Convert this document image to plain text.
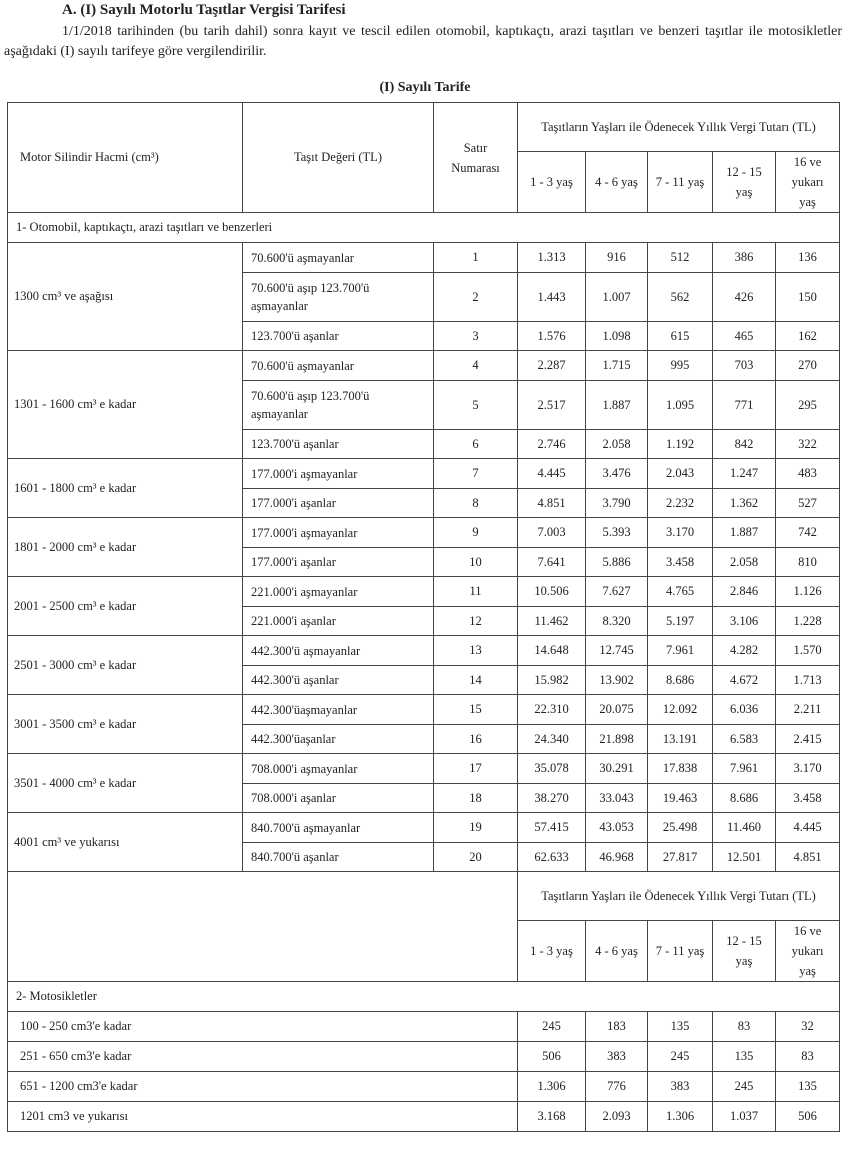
A. (I) Sayılı Motorlu Taşıtlar Vergisi Tarifesi

1/1/2018 tarihinden (bu tarih dahil) sonra kayıt ve tescil edilen otomobil, kaptıkaçtı, arazi taşıtları ve benzeri taşıtlar ile motosikletler aşağıdaki (I) sayılı tarifeye göre vergilendirilir.

(I) Sayılı Tarife
Motor Silindir Hacmi (cm³)	Taşıt Değeri (TL)	Satır Numarası	Taşıtların Yaşları ile Ödenecek Yıllık Vergi Tutarı (TL)				
			1 - 3 yaş	4 - 6 yaş	7 - 11 yaş	12 - 15 yaş	16 ve yukarı yaş
1- Otomobil, kaptıkaçtı, arazi taşıtları ve benzerleri							
1300 cm³ ve aşağısı	70.600'ü aşmayanlar	1	1.313	916	512	386	136
	70.600'ü aşıp 123.700'ü aşmayanlar	2	1.443	1.007	562	426	150
	123.700'ü aşanlar	3	1.576	1.098	615	465	162
1301 - 1600 cm³ e kadar	70.600'ü aşmayanlar	4	2.287	1.715	995	703	270
	70.600'ü aşıp 123.700'ü aşmayanlar	5	2.517	1.887	1.095	771	295
	123.700'ü aşanlar	6	2.746	2.058	1.192	842	322
1601 - 1800 cm³ e kadar	177.000'i aşmayanlar	7	4.445	3.476	2.043	1.247	483
	177.000'i aşanlar	8	4.851	3.790	2.232	1.362	527
1801 - 2000 cm³ e kadar	177.000'i aşmayanlar	9	7.003	5.393	3.170	1.887	742
	177.000'i aşanlar	10	7.641	5.886	3.458	2.058	810
2001 - 2500 cm³ e kadar	221.000'i aşmayanlar	11	10.506	7.627	4.765	2.846	1.126
	221.000'i aşanlar	12	11.462	8.320	5.197	3.106	1.228
2501 - 3000 cm³ e kadar	442.300'ü aşmayanlar	13	14.648	12.745	7.961	4.282	1.570
	442.300'ü aşanlar	14	15.982	13.902	8.686	4.672	1.713
3001 - 3500 cm³ e kadar	442.300'üaşmayanlar	15	22.310	20.075	12.092	6.036	2.211
	442.300'üaşanlar	16	24.340	21.898	13.191	6.583	2.415
3501 - 4000 cm³ e kadar	708.000'i aşmayanlar	17	35.078	30.291	17.838	7.961	3.170
	708.000'i aşanlar	18	38.270	33.043	19.463	8.686	3.458
4001 cm³ ve yukarısı	840.700'ü aşmayanlar	19	57.415	43.053	25.498	11.460	4.445
	840.700'ü aşanlar	20	62.633	46.968	27.817	12.501	4.851
			Taşıtların Yaşları ile Ödenecek Yıllık Vergi Tutarı (TL)				
			1 - 3 yaş	4 - 6 yaş	7 - 11 yaş	12 - 15 yaş	16 ve yukarı yaş
2- Motosikletler							
100 - 250 cm3'e kadar			245	183	135	83	32
251 - 650 cm3'e kadar			506	383	245	135	83
651 - 1200 cm3'e kadar			1.306	776	383	245	135
1201 cm3 ve yukarısı			3.168	2.093	1.306	1.037	506
